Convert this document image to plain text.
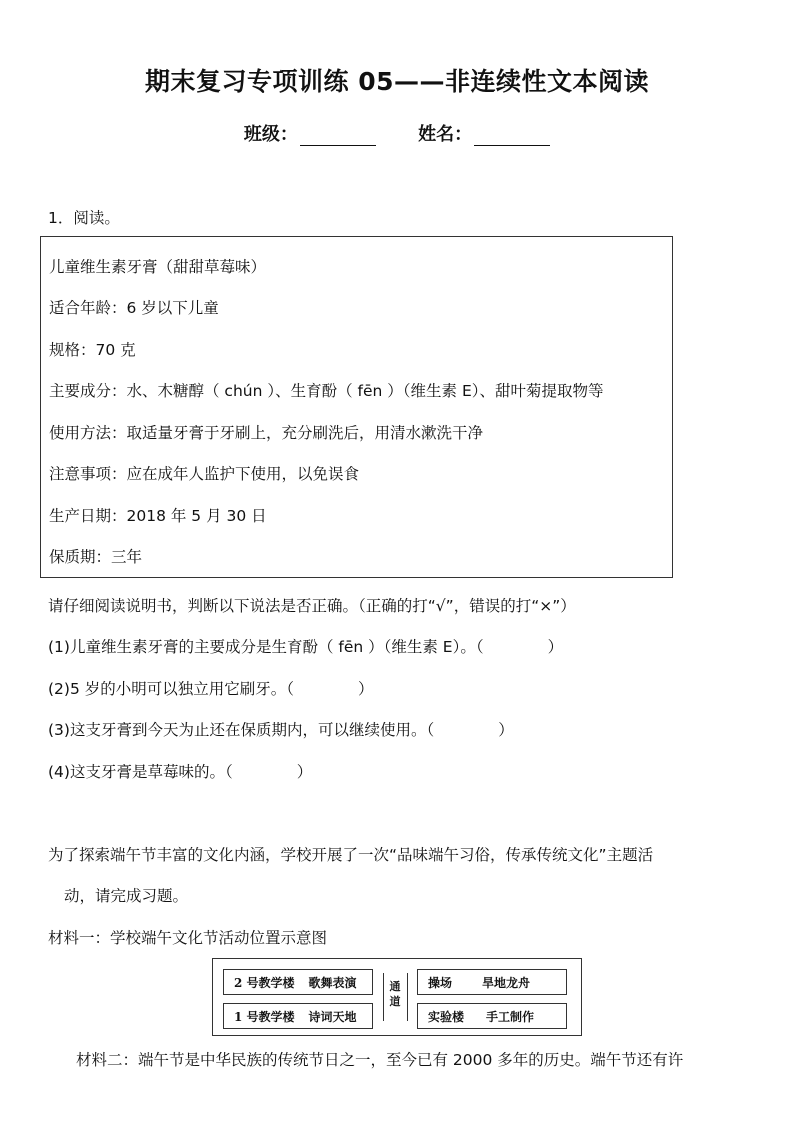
期末复习专项训练 05——非连续性文本阅读
班级：	姓名：
1．阅读。
儿童维生素牙膏（甜甜草莓味）
适合年龄：6 岁以下儿童
规格：70 克
主要成分：水、木糖醇（ chún ）、生育酚（ fēn ）（维生素 E）、甜叶菊提取物等
使用方法：取适量牙膏于牙刷上，充分刷洗后，用清水漱洗干净
注意事项：应在成年人监护下使用，以免误食
生产日期：2018 年 5 月 30 日
保质期：三年
请仔细阅读说明书，判断以下说法是否正确。（正确的打“√”，错误的打“×”）
(1)儿童维生素牙膏的主要成分是生育酚（ fēn ）（维生素 E）。（	）
(2)5 岁的小明可以独立用它刷牙。（	）
(3)这支牙膏到今天为止还在保质期内，可以继续使用。（	）
(4)这支牙膏是草莓味的。（	）
为了探索端午节丰富的文化内涵，学校开展了一次“品味端午习俗，传承传统文化”主题活
动，请完成习题。
材料一：学校端午文化节活动位置示意图
2 号教学楼 歌舞表演
1 号教学楼 诗词天地
通道
操场	旱地龙舟
实验楼 手工制作
材料二：端午节是中华民族的传统节日之一，至今已有 2000 多年的历史。端午节还有许
